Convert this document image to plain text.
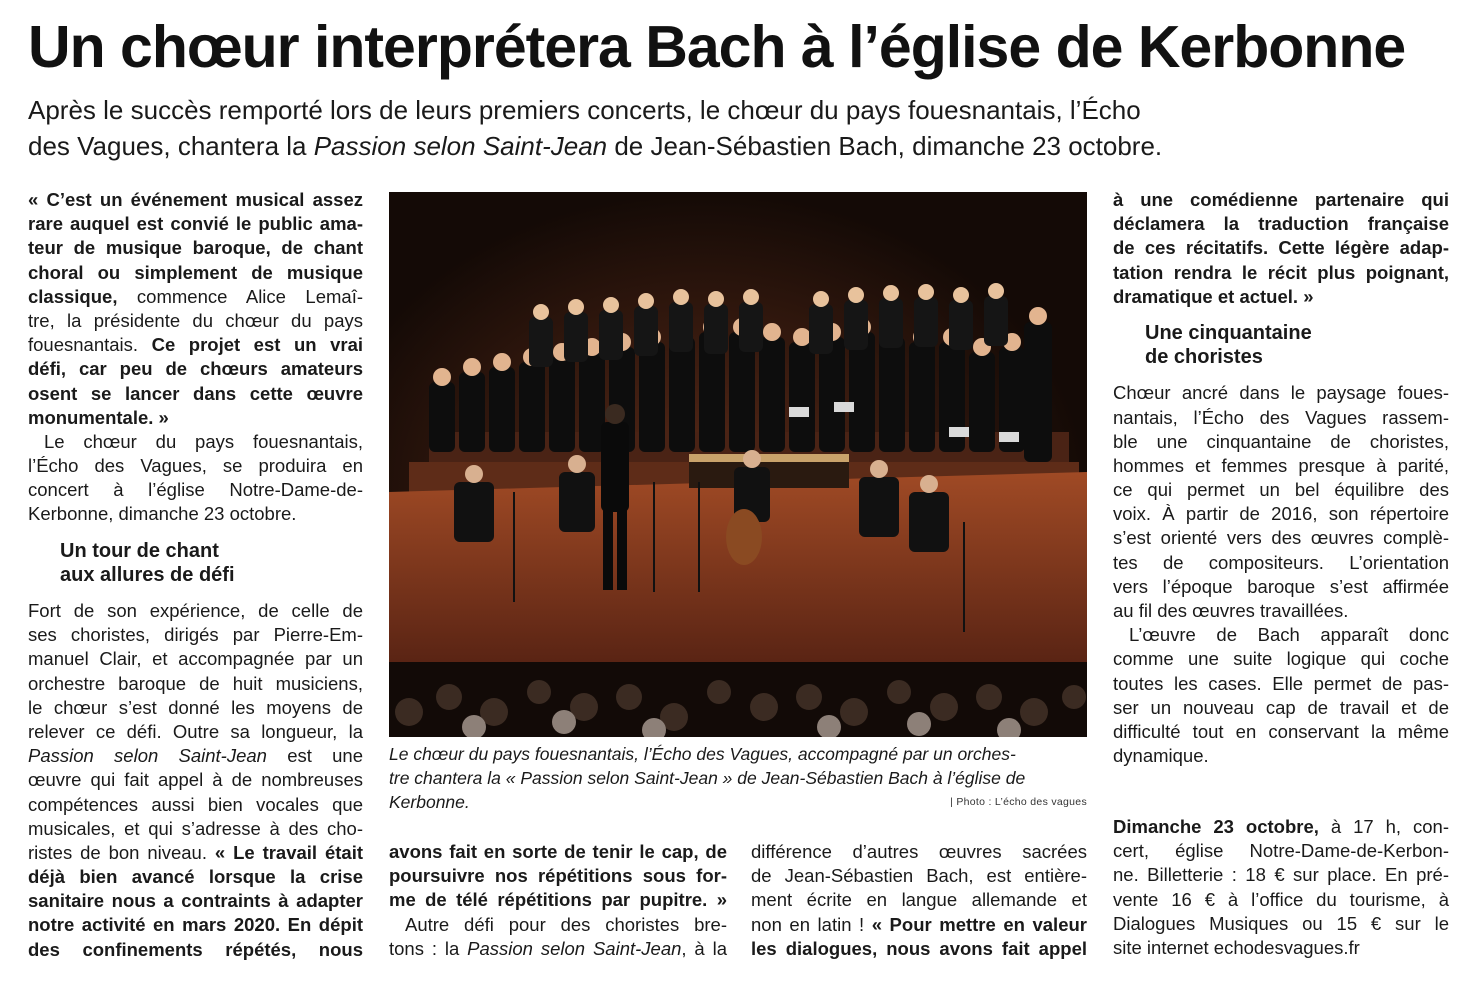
Un chœur interprétera Bach à l’église de Kerbonne
Après le succès remporté lors de leurs premiers concerts, le chœur du pays fouesnantais, l’Écho
des Vagues, chantera la Passion selon Saint-Jean de Jean-Sébastien Bach, dimanche 23 octobre.
« C’est un événement musical assez
rare auquel est convié le public ama-
teur de musique baroque, de chant
choral ou simplement de musique
classique, commence Alice Lemaî-
tre, la présidente du chœur du pays
fouesnantais. Ce projet est un vrai
défi, car peu de chœurs amateurs
osent se lancer dans cette œuvre
monumentale. »
Le chœur du pays fouesnantais,
l’Écho des Vagues, se produira en
concert à l’église Notre-Dame-de-
Kerbonne, dimanche 23 octobre.
Un tour de chant
aux allures de défi
Fort de son expérience, de celle de
ses choristes, dirigés par Pierre-Em-
manuel Clair, et accompagnée par un
orchestre baroque de huit musiciens,
le chœur s’est donné les moyens de
relever ce défi. Outre sa longueur, la
Passion selon Saint-Jean est une
œuvre qui fait appel à de nombreuses
compétences aussi bien vocales que
musicales, et qui s’adresse à des cho-
ristes de bon niveau. « Le travail était
déjà bien avancé lorsque la crise
sanitaire nous a contraints à adapter
notre activité en mars 2020. En dépit
des confinements répétés, nous
Le chœur du pays fouesnantais, l’Écho des Vagues, accompagné par un orches-
tre chantera la « Passion selon Saint-Jean » de Jean-Sébastien Bach à l’église de
Kerbonne.	| Photo : L’écho des vagues
avons fait en sorte de tenir le cap, de
poursuivre nos répétitions sous for-
me de télé répétitions par pupitre. »
Autre défi pour des choristes bre-
tons : la Passion selon Saint-Jean, à la
différence d’autres œuvres sacrées
de Jean-Sébastien Bach, est entière-
ment écrite en langue allemande et
non en latin ! « Pour mettre en valeur
les dialogues, nous avons fait appel
à une comédienne partenaire qui
déclamera la traduction française
de ces récitatifs. Cette légère adap-
tation rendra le récit plus poignant,
dramatique et actuel. »
Une cinquantaine
de choristes
Chœur ancré dans le paysage foues-
nantais, l’Écho des Vagues rassem-
ble une cinquantaine de choristes,
hommes et femmes presque à parité,
ce qui permet un bel équilibre des
voix. À partir de 2016, son répertoire
s’est orienté vers des œuvres complè-
tes de compositeurs. L’orientation
vers l’époque baroque s’est affirmée
au fil des œuvres travaillées.
L’œuvre de Bach apparaît donc
comme une suite logique qui coche
toutes les cases. Elle permet de pas-
ser un nouveau cap de travail et de
difficulté tout en conservant la même
dynamique.
Dimanche 23 octobre, à 17 h, con-
cert, église Notre-Dame-de-Kerbon-
ne. Billetterie : 18 € sur place. En pré-
vente 16 € à l’office du tourisme, à
Dialogues Musiques ou 15 € sur le
site internet echodesvagues.fr
